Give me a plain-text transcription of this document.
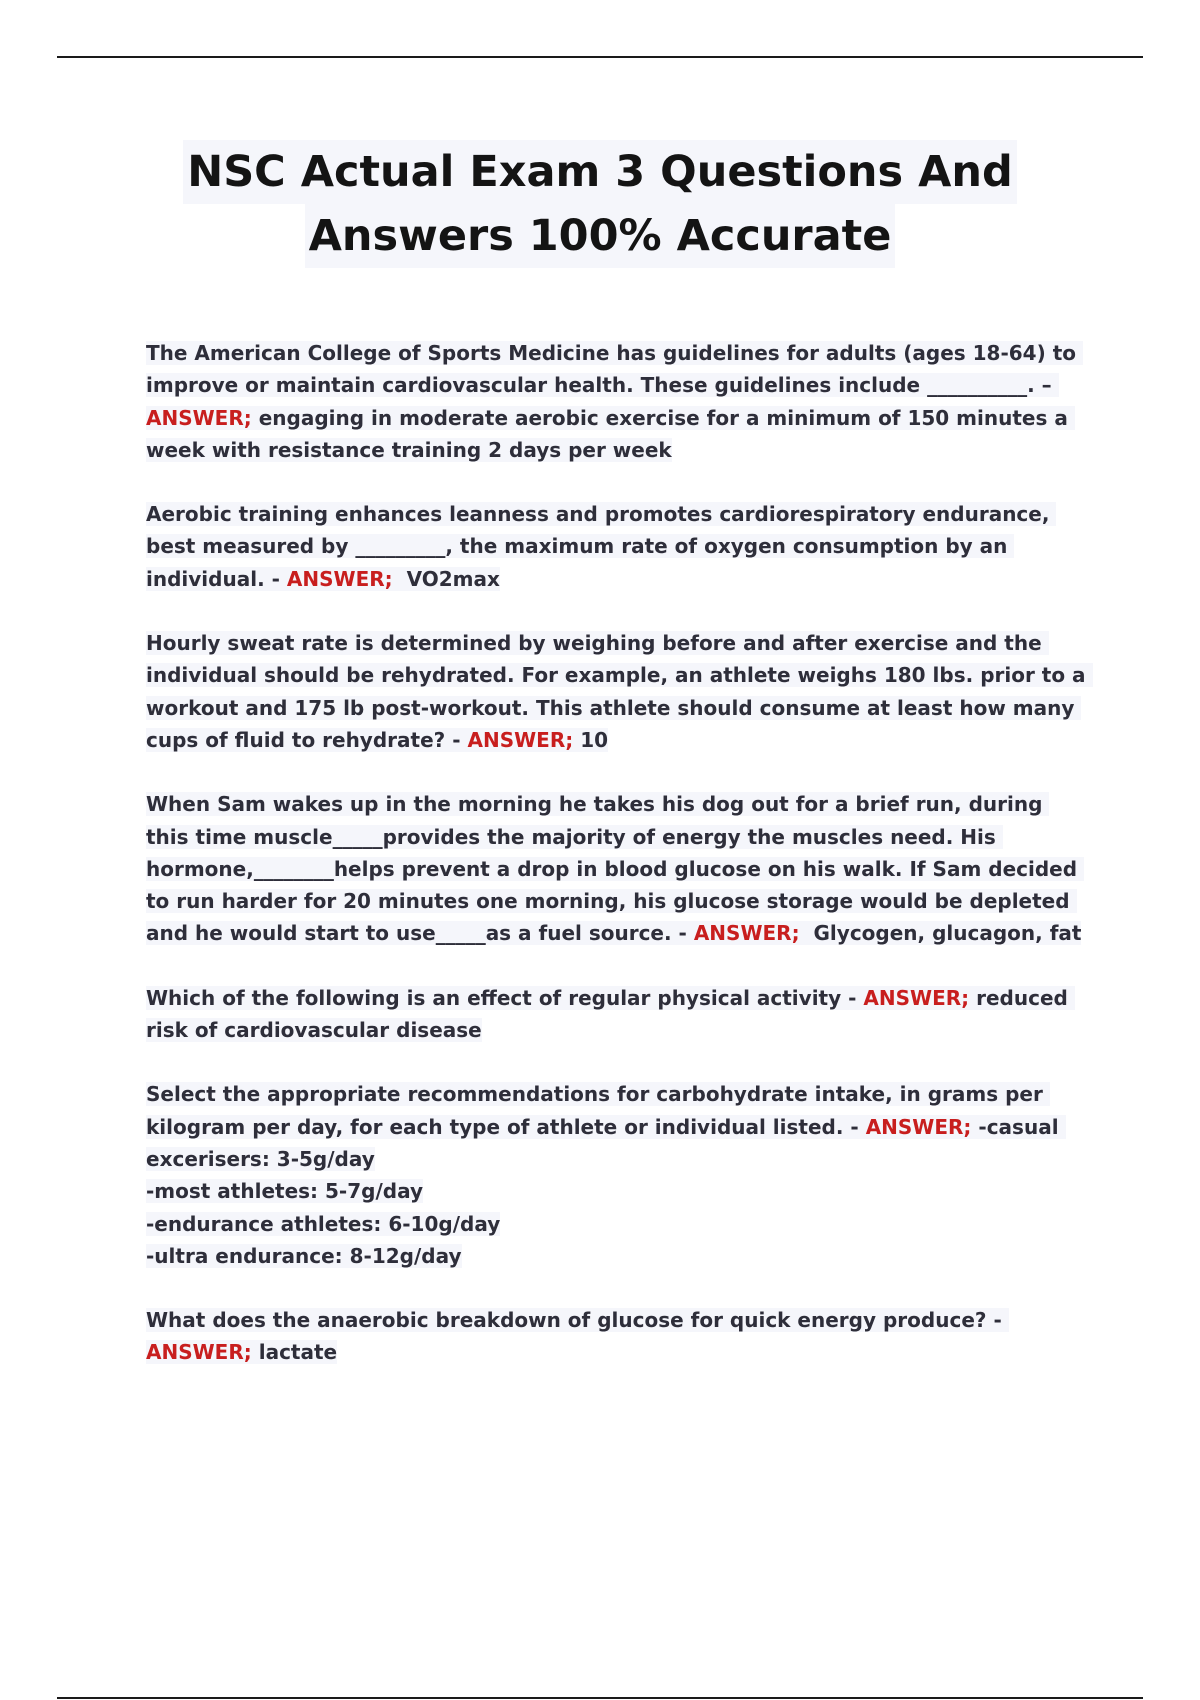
NSC Actual Exam 3 Questions And
Answers 100% Accurate

The American College of Sports Medicine has guidelines for adults (ages 18-64) to improve or maintain cardiovascular health. These guidelines include __________. – ANSWER; engaging in moderate aerobic exercise for a minimum of 150 minutes a week with resistance training 2 days per week

Aerobic training enhances leanness and promotes cardiorespiratory endurance, best measured by _________, the maximum rate of oxygen consumption by an individual. - ANSWER;  VO2max

Hourly sweat rate is determined by weighing before and after exercise and the individual should be rehydrated. For example, an athlete weighs 180 lbs. prior to a workout and 175 lb post-workout. This athlete should consume at least how many cups of fluid to rehydrate? - ANSWER; 10

When Sam wakes up in the morning he takes his dog out for a brief run, during this time muscle_____provides the majority of energy the muscles need. His hormone,________helps prevent a drop in blood glucose on his walk. If Sam decided to run harder for 20 minutes one morning, his glucose storage would be depleted and he would start to use_____as a fuel source. - ANSWER;  Glycogen, glucagon, fat

Which of the following is an effect of regular physical activity - ANSWER; reduced risk of cardiovascular disease

Select the appropriate recommendations for carbohydrate intake, in grams per kilogram per day, for each type of athlete or individual listed. - ANSWER; -casual excerisers: 3-5g/day
-most athletes: 5-7g/day
-endurance athletes: 6-10g/day
-ultra endurance: 8-12g/day

What does the anaerobic breakdown of glucose for quick energy produce? - ANSWER; lactate
